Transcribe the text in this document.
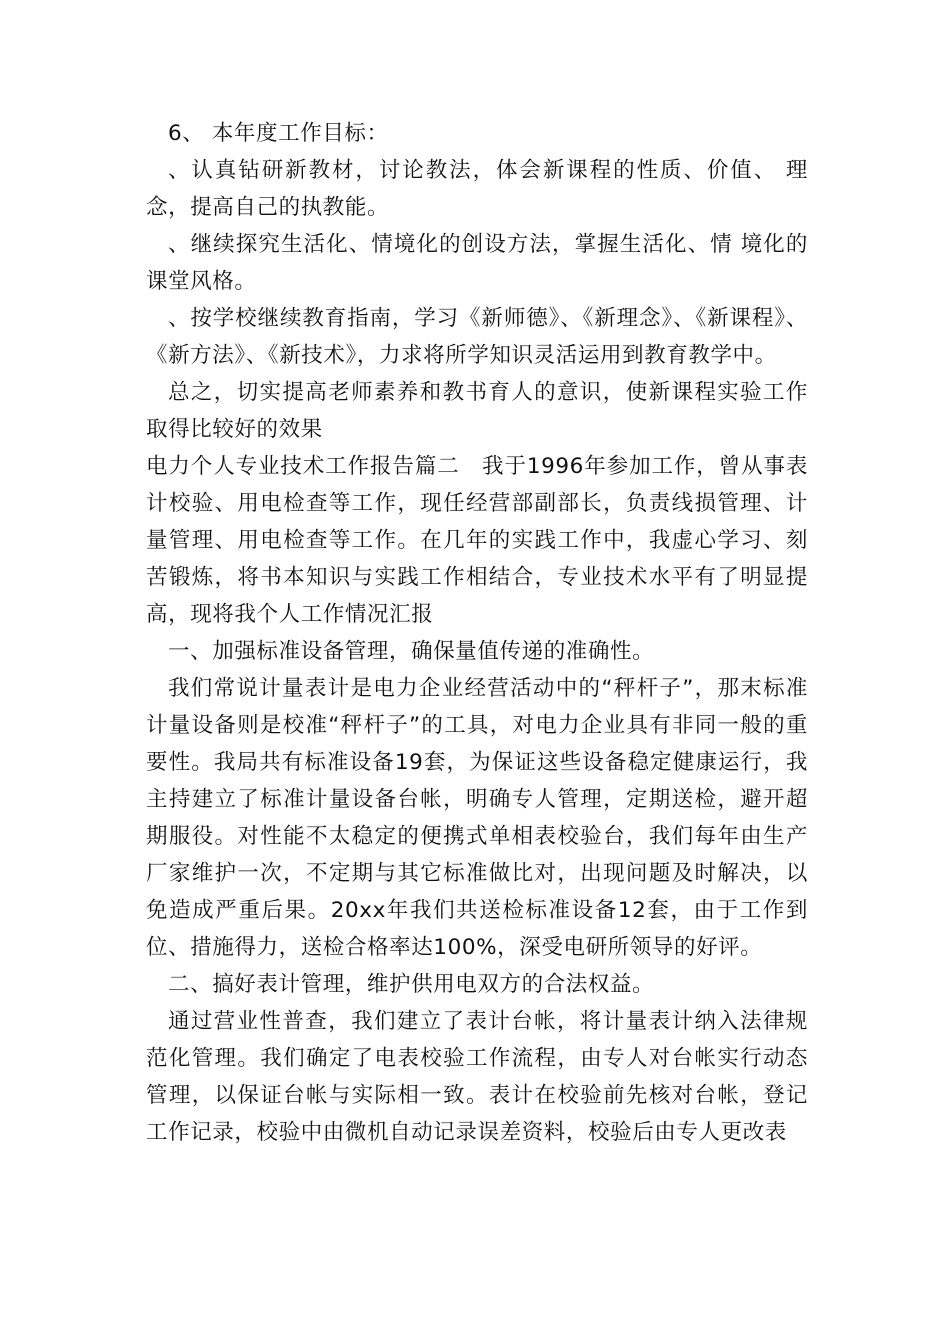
6、 本年度工作目标：

、认真钻研新教材，讨论教法，体会新课程的性质、价值、 理念，提高自己的执教能。

、继续探究生活化、情境化的创设方法，掌握生活化、情 境化的课堂风格。

、按学校继续教育指南，学习《新师德》、《新理念》、《新课程》、《新方法》、《新技术》，力求将所学知识灵活运用到教育教学中。

总之，切实提高老师素养和教书育人的意识，使新课程实验工作取得比较好的效果

电力个人专业技术工作报告篇二　我于1996年参加工作，曾从事表计校验、用电检查等工作，现任经营部副部长，负责线损管理、计量管理、用电检查等工作。在几年的实践工作中，我虚心学习、刻苦锻炼，将书本知识与实践工作相结合，专业技术水平有了明显提高，现将我个人工作情况汇报

一、加强标准设备管理，确保量值传递的准确性。

我们常说计量表计是电力企业经营活动中的“秤杆子”，那末标准计量设备则是校准“秤杆子”的工具，对电力企业具有非同一般的重要性。我局共有标准设备19套，为保证这些设备稳定健康运行，我主持建立了标准计量设备台帐，明确专人管理，定期送检，避开超期服役。对性能不太稳定的便携式单相表校验台，我们每年由生产厂家维护一次，不定期与其它标准做比对，出现问题及时解决，以免造成严重后果。20xx年我们共送检标准设备12套，由于工作到位、措施得力，送检合格率达100%，深受电研所领导的好评。

二、搞好表计管理，维护供用电双方的合法权益。

通过营业性普查，我们建立了表计台帐，将计量表计纳入法律规范化管理。我们确定了电表校验工作流程，由专人对台帐实行动态管理，以保证台帐与实际相一致。表计在校验前先核对台帐，登记工作记录，校验中由微机自动记录误差资料，校验后由专人更改表
